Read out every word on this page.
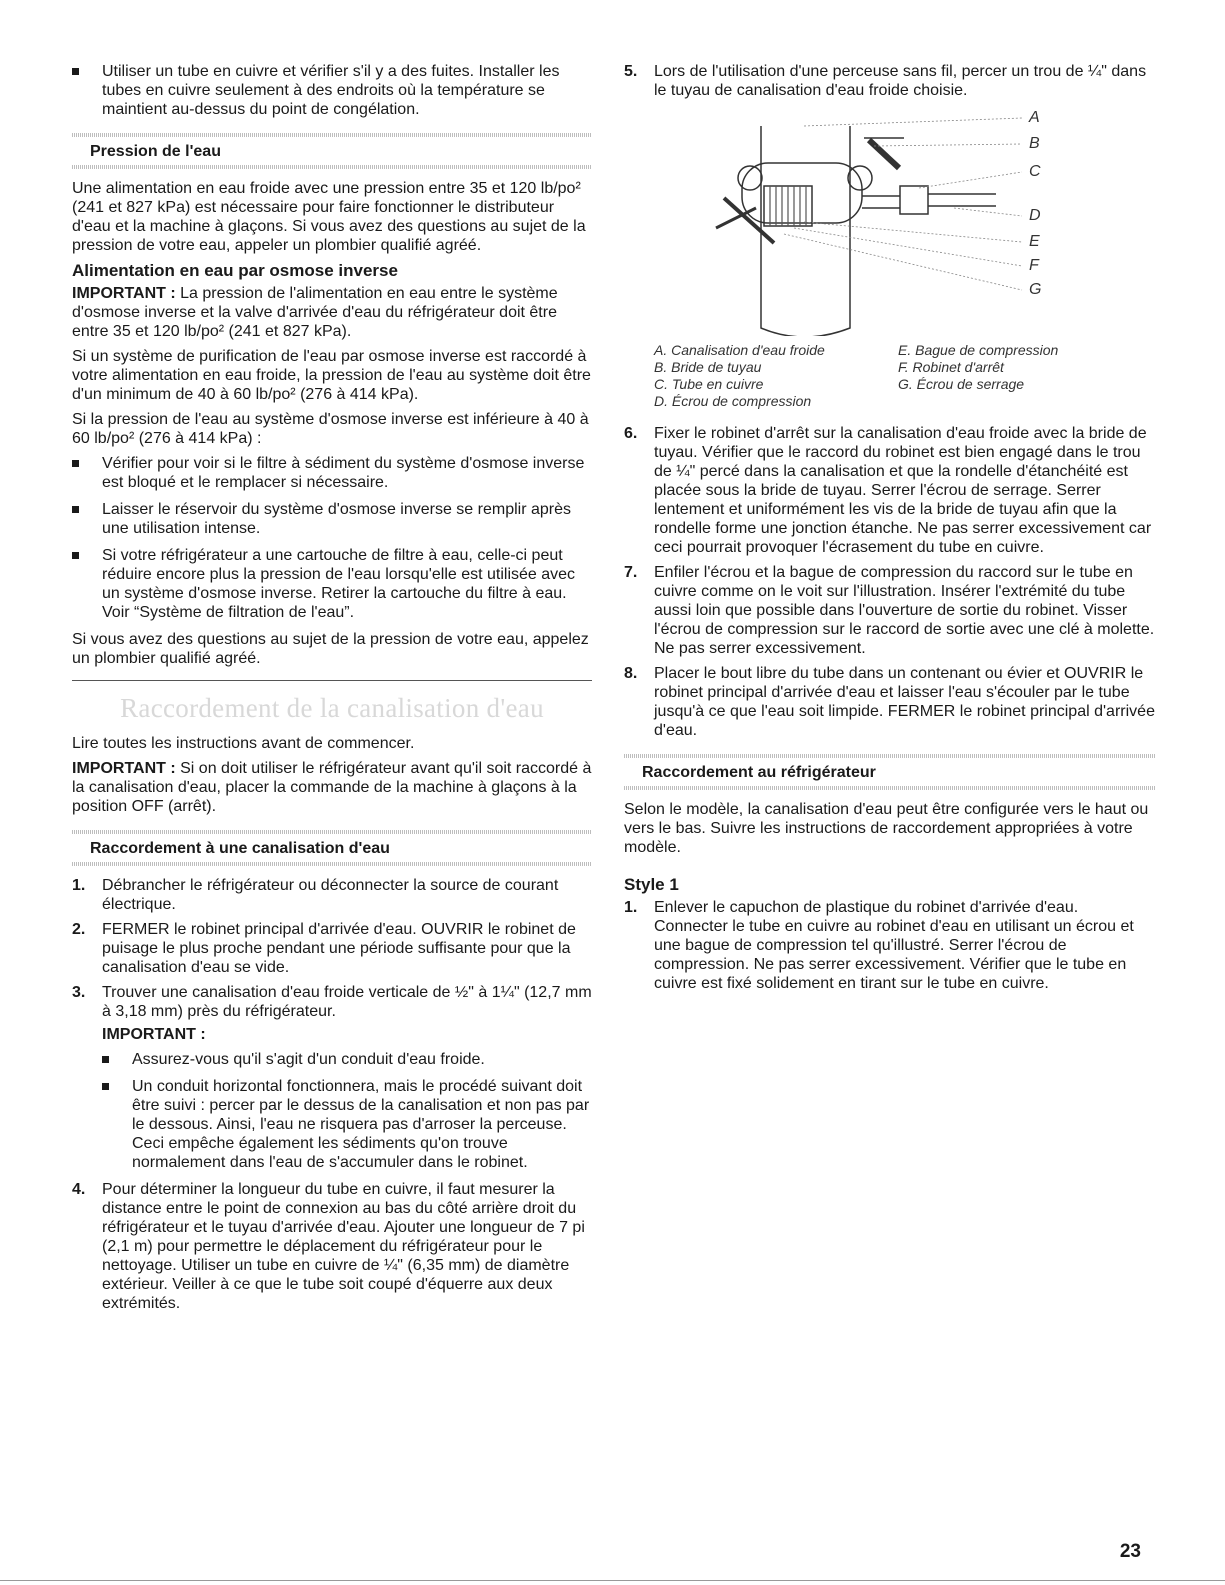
Utiliser un tube en cuivre et vérifier s'il y a des fuites. Installer les tubes en cuivre seulement à des endroits où la température se maintient au-dessus du point de congélation.
Pression de l'eau

Une alimentation en eau froide avec une pression entre 35 et 120 lb/po² (241 et 827 kPa) est nécessaire pour faire fonctionner le distributeur d'eau et la machine à glaçons. Si vous avez des questions au sujet de la pression de votre eau, appeler un plombier qualifié agréé.

Alimentation en eau par osmose inverse

IMPORTANT : La pression de l'alimentation en eau entre le système d'osmose inverse et la valve d'arrivée d'eau du réfrigérateur doit être entre 35 et 120 lb/po² (241 et 827 kPa).

Si un système de purification de l'eau par osmose inverse est raccordé à votre alimentation en eau froide, la pression de l'eau au système doit être d'un minimum de 40 à 60 lb/po² (276 à 414 kPa).

Si la pression de l'eau au système d'osmose inverse est inférieure à 40 à 60 lb/po² (276 à 414 kPa) :

Vérifier pour voir si le filtre à sédiment du système d'osmose inverse est bloqué et le remplacer si nécessaire.
Laisser le réservoir du système d'osmose inverse se remplir après une utilisation intense.
Si votre réfrigérateur a une cartouche de filtre à eau, celle-ci peut réduire encore plus la pression de l'eau lorsqu'elle est utilisée avec un système d'osmose inverse. Retirer la cartouche du filtre à eau. Voir “Système de filtration de l'eau”.

Si vous avez des questions au sujet de la pression de votre eau, appelez un plombier qualifié agréé.

Raccordement de la canalisation d'eau

Lire toutes les instructions avant de commencer.

IMPORTANT : Si on doit utiliser le réfrigérateur avant qu'il soit raccordé à la canalisation d'eau, placer la commande de la machine à glaçons à la position OFF (arrêt).

Raccordement à une canalisation d'eau
1. Débrancher le réfrigérateur ou déconnecter la source de courant électrique.
2. FERMER le robinet principal d'arrivée d'eau. OUVRIR le robinet de puisage le plus proche pendant une période suffisante pour que la canalisation d'eau se vide.
3. Trouver une canalisation d'eau froide verticale de ½" à 1¼" (12,7 mm à 3,18 mm) près du réfrigérateur.
IMPORTANT :
Assurez-vous qu'il s'agit d'un conduit d'eau froide.
Un conduit horizontal fonctionnera, mais le procédé suivant doit être suivi : percer par le dessus de la canalisation et non pas par le dessous. Ainsi, l'eau ne risquera pas d'arroser la perceuse. Ceci empêche également les sédiments qu'on trouve normalement dans l'eau de s'accumuler dans le robinet.
4. Pour déterminer la longueur du tube en cuivre, il faut mesurer la distance entre le point de connexion au bas du côté arrière droit du réfrigérateur et le tuyau d'arrivée d'eau. Ajouter une longueur de 7 pi (2,1 m) pour permettre le déplacement du réfrigérateur pour le nettoyage. Utiliser un tube en cuivre de ¼" (6,35 mm) de diamètre extérieur. Veiller à ce que le tube soit coupé d'équerre aux deux extrémités.
5. Lors de l'utilisation d'une perceuse sans fil, percer un trou de ¼" dans le tuyau de canalisation d'eau froide choisie.
A
B
C
D
E
F
G
A. Canalisation d'eau froide	E. Bague de compression
B. Bride de tuyau	F. Robinet d'arrêt
C. Tube en cuivre	G. Écrou de serrage
D. Écrou de compression
6. Fixer le robinet d'arrêt sur la canalisation d'eau froide avec la bride de tuyau. Vérifier que le raccord du robinet est bien engagé dans le trou de ¼" percé dans la canalisation et que la rondelle d'étanchéité est placée sous la bride de tuyau. Serrer l'écrou de serrage. Serrer lentement et uniformément les vis de la bride de tuyau afin que la rondelle forme une jonction étanche. Ne pas serrer excessivement car ceci pourrait provoquer l'écrasement du tube en cuivre.
7. Enfiler l'écrou et la bague de compression du raccord sur le tube en cuivre comme on le voit sur l'illustration. Insérer l'extrémité du tube aussi loin que possible dans l'ouverture de sortie du robinet. Visser l'écrou de compression sur le raccord de sortie avec une clé à molette. Ne pas serrer excessivement.
8. Placer le bout libre du tube dans un contenant ou évier et OUVRIR le robinet principal d'arrivée d'eau et laisser l'eau s'écouler par le tube jusqu'à ce que l'eau soit limpide. FERMER le robinet principal d'arrivée d'eau.
Raccordement au réfrigérateur

Selon le modèle, la canalisation d'eau peut être configurée vers le haut ou vers le bas. Suivre les instructions de raccordement appropriées à votre modèle.

Style 1
1. Enlever le capuchon de plastique du robinet d'arrivée d'eau. Connecter le tube en cuivre au robinet d'eau en utilisant un écrou et une bague de compression tel qu'illustré. Serrer l'écrou de compression. Ne pas serrer excessivement. Vérifier que le tube en cuivre est fixé solidement en tirant sur le tube en cuivre.
23
